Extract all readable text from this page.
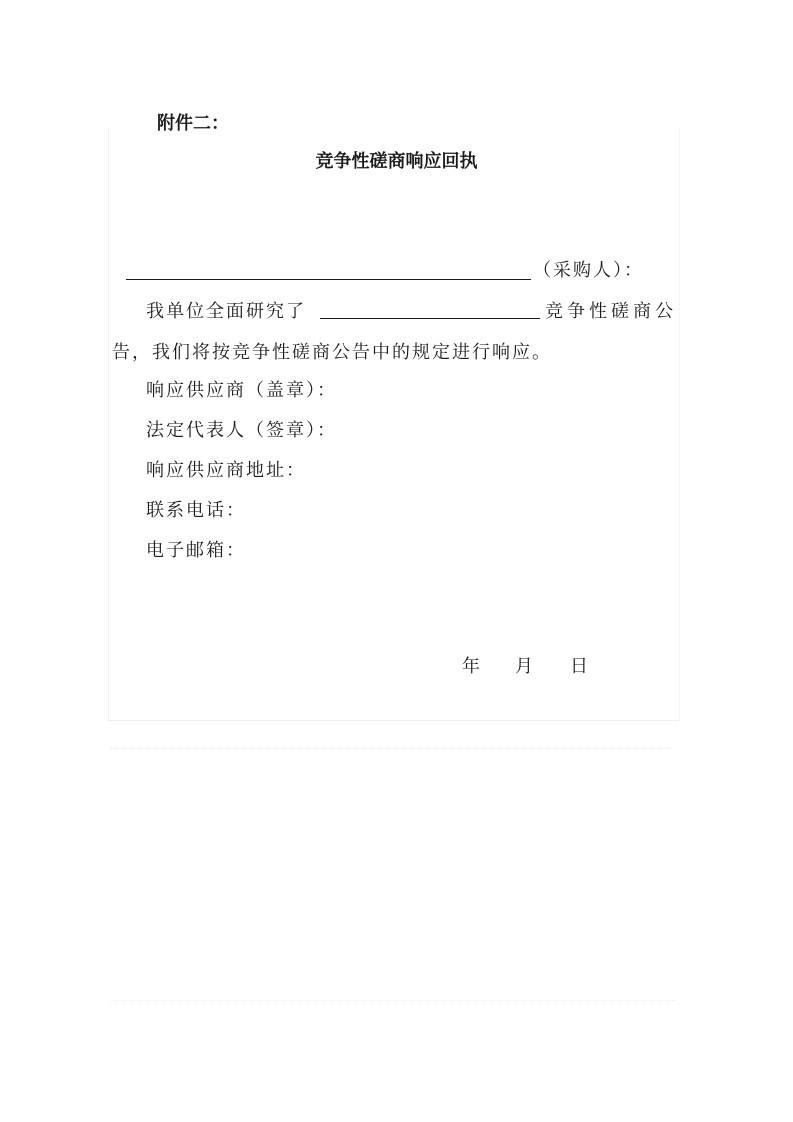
附件二：
竞争性磋商响应回执
（采购人）：
我单位全面研究了	竞争性磋商公
告，我们将按竞争性磋商公告中的规定进行响应。
响应供应商（盖章）：
法定代表人（签章）：
响应供应商地址：
联系电话：
电子邮箱：
年 月 日
